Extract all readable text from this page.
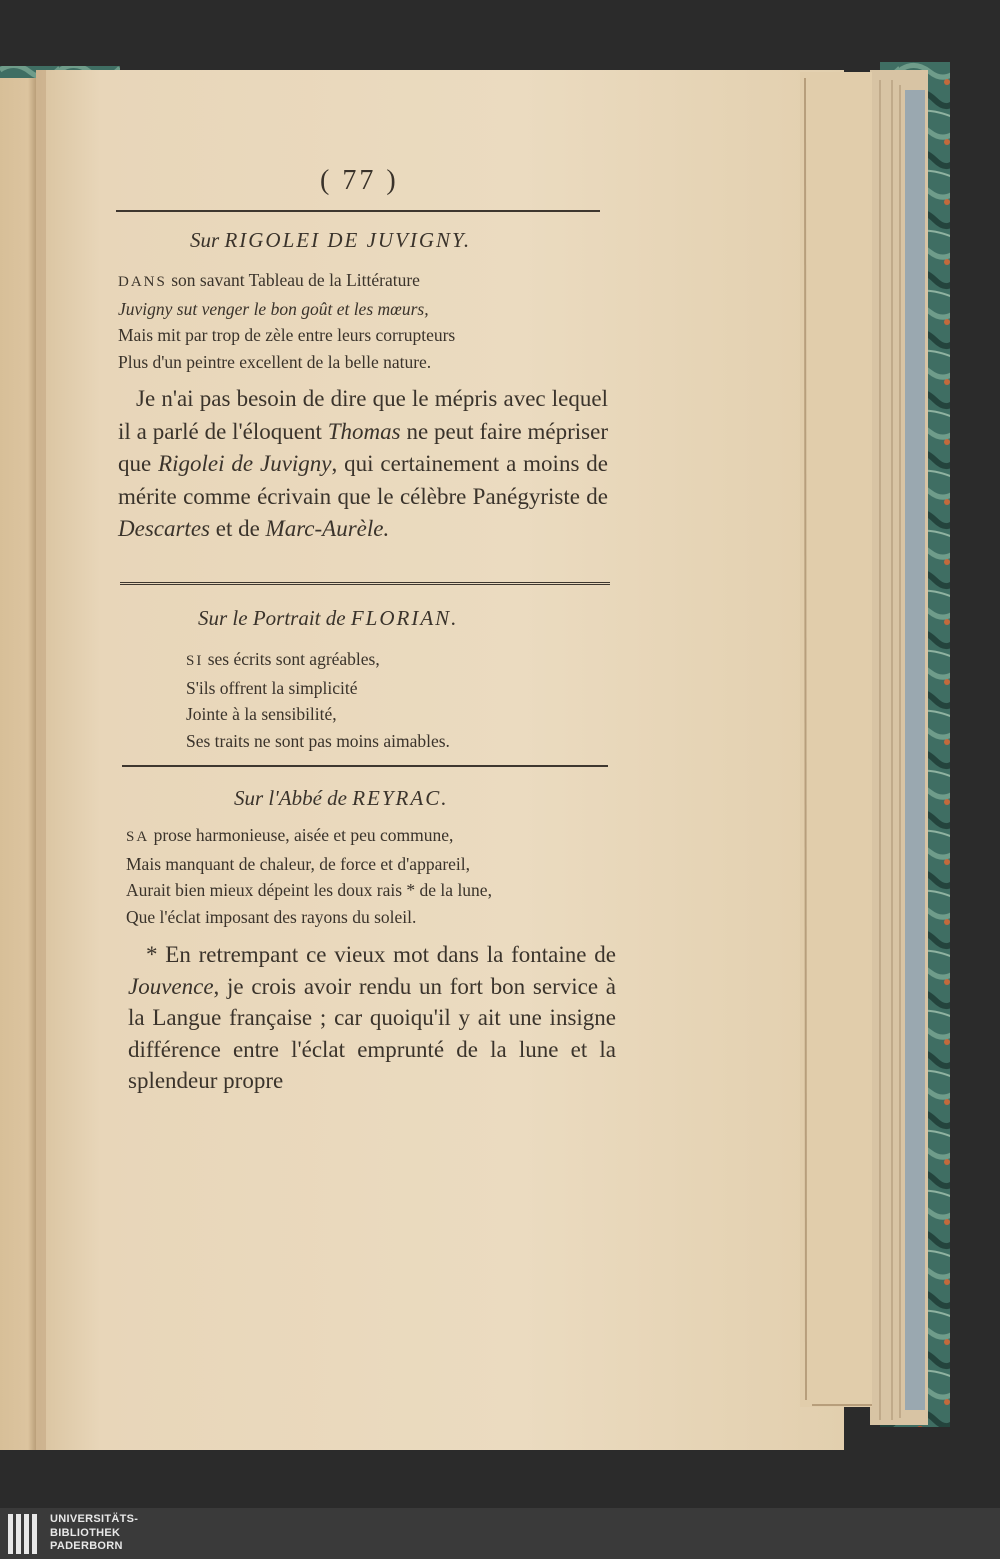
( 77 )
Sur RIGOLEI DE JUVIGNY.
DANS son savant Tableau de la Littérature
Juvigny sut venger le bon goût et les mœurs,
Mais mit par trop de zèle entre leurs corrupteurs
Plus d'un peintre excellent de la belle nature.
Je n'ai pas besoin de dire que le mépris avec lequel il a parlé de l'éloquent Thomas ne peut faire mépriser que Rigolei de Juvigny, qui certainement a moins de mérite comme écrivain que le célèbre Panégyriste de Descartes et de Marc-Aurèle.
Sur le Portrait de FLORIAN.
SI ses écrits sont agréables,
S'ils offrent la simplicité
Jointe à la sensibilité,
Ses traits ne sont pas moins aimables.
Sur l'Abbé de REYRAC.
SA prose harmonieuse, aisée et peu commune,
Mais manquant de chaleur, de force et d'appareil,
Aurait bien mieux dépeint les doux rais * de la lune,
Que l'éclat imposant des rayons du soleil.
* En retrempant ce vieux mot dans la fontaine de Jouvence, je crois avoir rendu un fort bon service à la Langue française ; car quoiqu'il y ait une insigne différence entre l'éclat emprunté de la lune et la splendeur propre
UNIVERSITÄTS-
BIBLIOTHEK
PADERBORN
